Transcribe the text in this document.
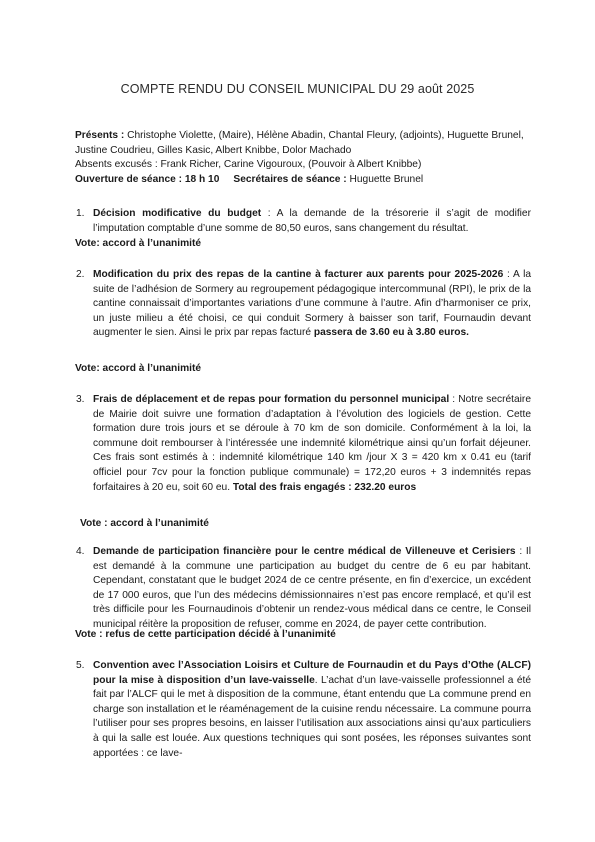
COMPTE RENDU DU CONSEIL MUNICIPAL DU 29 août 2025

Présents : Christophe Violette, (Maire), Hélène Abadin, Chantal Fleury, (adjoints), Huguette Brunel, Justine Coudrieu, Gilles Kasic, Albert Knibbe, Dolor Machado

Absents excusés : Frank Richer, Carine Vigouroux, (Pouvoir à Albert Knibbe)

Ouverture de séance : 18 h 10 Secrétaires de séance : Huguette Brunel

1. Décision modificative du budget : A la demande de la trésorerie il s’agit de modifier l’imputation comptable d’une somme de 80,50 euros, sans changement du résultat.
Vote: accord à l’unanimité
2. Modification du prix des repas de la cantine à facturer aux parents pour 2025-2026 : A la suite de l’adhésion de Sormery au regroupement pédagogique intercommunal (RPI), le prix de la cantine connaissait d’importantes variations d’une commune à l’autre. Afin d’harmoniser ce prix, un juste milieu a été choisi, ce qui conduit Sormery à baisser son tarif, Fournaudin devant augmenter le sien. Ainsi le prix par repas facturé passera de 3.60 eu à 3.80 euros.
Vote: accord à l’unanimité
3. Frais de déplacement et de repas pour formation du personnel municipal : Notre secrétaire de Mairie doit suivre une formation d’adaptation à l’évolution des logiciels de gestion. Cette formation dure trois jours et se déroule à 70 km de son domicile. Conformément à la loi, la commune doit rembourser à l’intéressée une indemnité kilométrique ainsi qu’un forfait déjeuner. Ces frais sont estimés à : indemnité kilométrique 140 km /jour X 3 = 420 km x 0.41 eu (tarif officiel pour 7cv pour la fonction publique communale) = 172,20 euros + 3 indemnités repas forfaitaires à 20 eu, soit 60 eu. Total des frais engagés : 232.20 euros
Vote : accord à l’unanimité
4. Demande de participation financière pour le centre médical de Villeneuve et Cerisiers : Il est demandé à la commune une participation au budget du centre de 6 eu par habitant. Cependant, constatant que le budget 2024 de ce centre présente, en fin d’exercice, un excédent de 17 000 euros, que l’un des médecins démissionnaires n’est pas encore remplacé, et qu’il est très difficile pour les Fournaudinois d’obtenir un rendez-vous médical dans ce centre, le Conseil municipal réitère la proposition de refuser, comme en 2024, de payer cette contribution.
Vote : refus de cette participation décidé à l’unanimité
5. Convention avec l’Association Loisirs et Culture de Fournaudin et du Pays d’Othe (ALCF) pour la mise à disposition d’un lave-vaisselle. L’achat d’un lave-vaisselle professionnel a été fait par l’ALCF qui le met à disposition de la commune, étant entendu que La commune prend en charge son installation et le réaménagement de la cuisine rendu nécessaire. La commune pourra l’utiliser pour ses propres besoins, en laisser l’utilisation aux associations ainsi qu’aux particuliers à qui la salle est louée. Aux questions techniques qui sont posées, les réponses suivantes sont apportées : ce lave-
